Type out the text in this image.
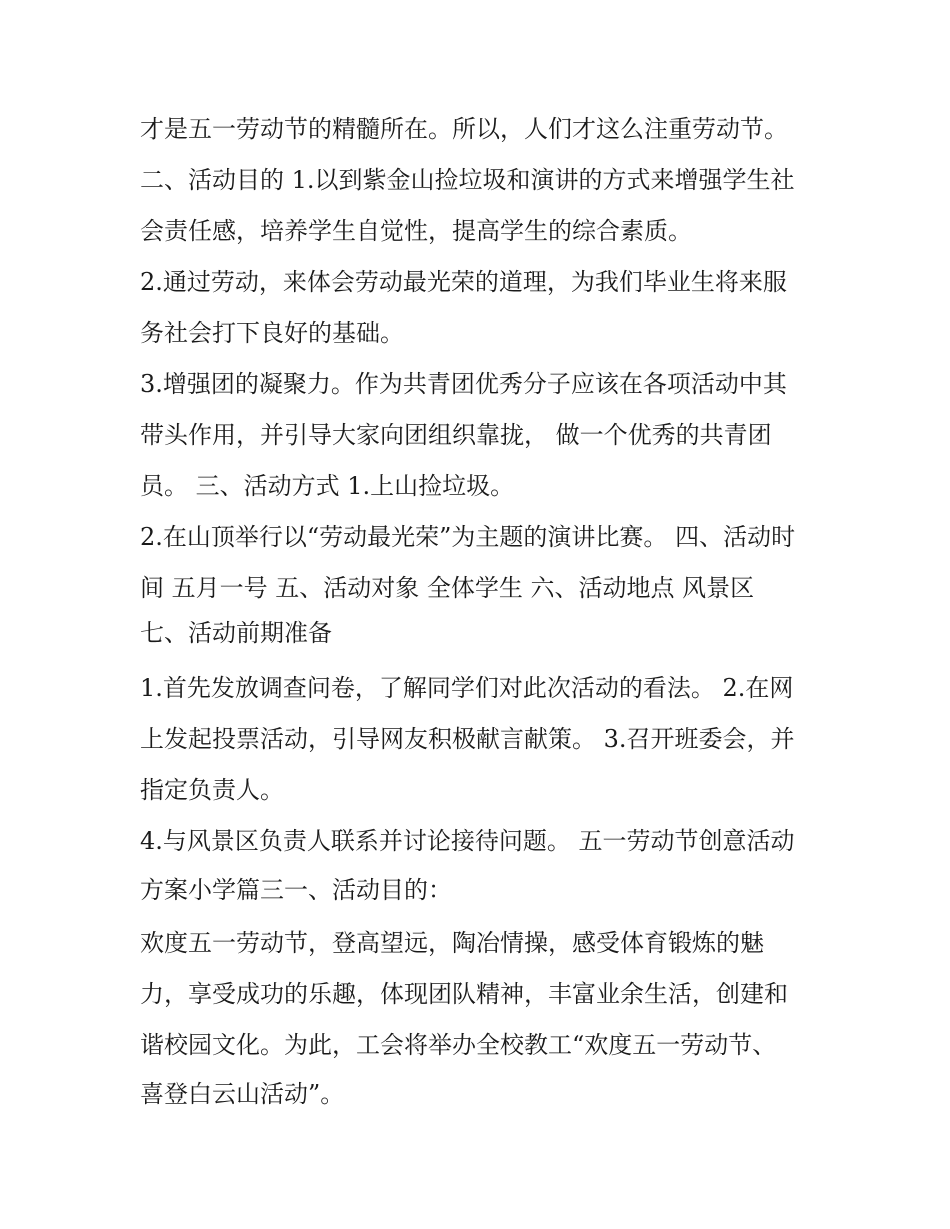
才是五一劳动节的精髓所在。所以，人们才这么注重劳动节。
二、活动目的 1.以到紫金山捡垃圾和演讲的方式来增强学生社
会责任感，培养学生自觉性，提高学生的综合素质。
2.通过劳动，来体会劳动最光荣的道理，为我们毕业生将来服
务社会打下良好的基础。
3.增强团的凝聚力。作为共青团优秀分子应该在各项活动中其
带头作用，并引导大家向团组织靠拢， 做一个优秀的共青团
员。 三、活动方式 1.上山捡垃圾。
2.在山顶举行以“劳动最光荣”为主题的演讲比赛。 四、活动时
间 五月一号 五、活动对象 全体学生 六、活动地点 风景区
七、活动前期准备
1.首先发放调查问卷，了解同学们对此次活动的看法。 2.在网
上发起投票活动，引导网友积极献言献策。 3.召开班委会，并
指定负责人。
4.与风景区负责人联系并讨论接待问题。 五一劳动节创意活动
方案小学篇三一、活动目的：
欢度五一劳动节，登高望远，陶冶情操，感受体育锻炼的魅
力，享受成功的乐趣，体现团队精神，丰富业余生活，创建和
谐校园文化。为此，工会将举办全校教工“欢度五一劳动节、
喜登白云山活动”。
